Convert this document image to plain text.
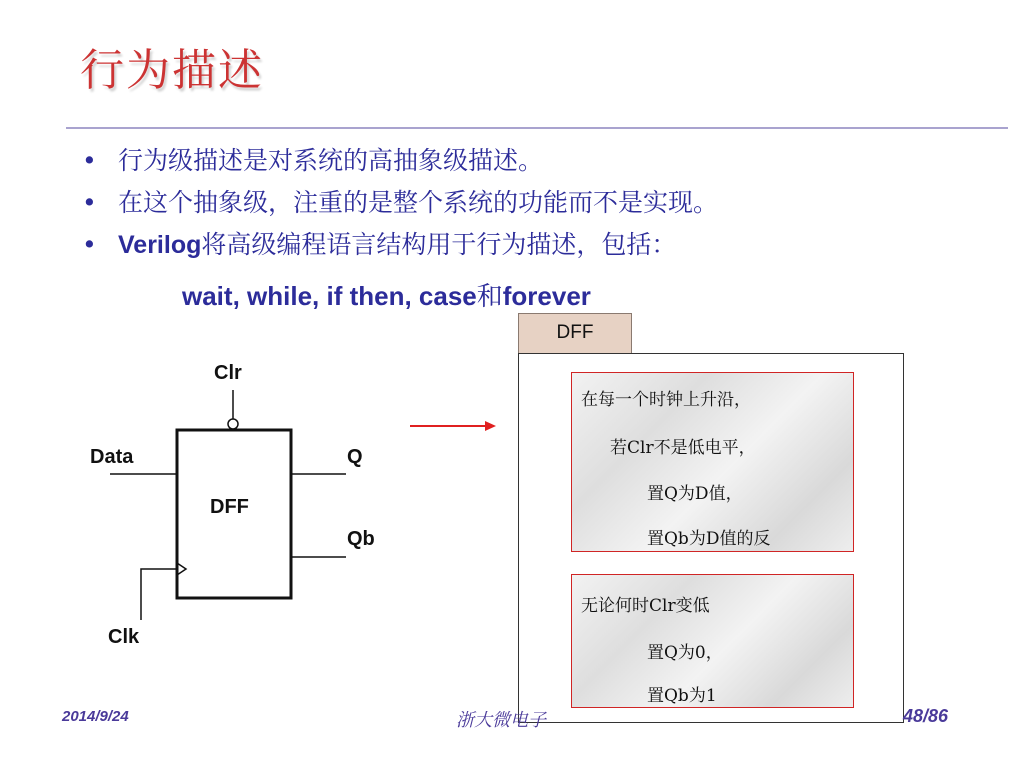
行为描述
• 行为级描述是对系统的高抽象级描述。
• 在这个抽象级，注重的是整个系统的功能而不是实现。
• Verilog将高级编程语言结构用于行为描述，包括：
wait, while, if then, case和forever
Clr
Data	Q
Qb
DFF
Clk
DFF
在每一个时钟上升沿，
若Clr不是低电平，
置Q为D值，
置Qb为D值的反
无论何时Clr变低
置Q为0，
置Qb为1
2014/9/24	浙大微电子	48/86
